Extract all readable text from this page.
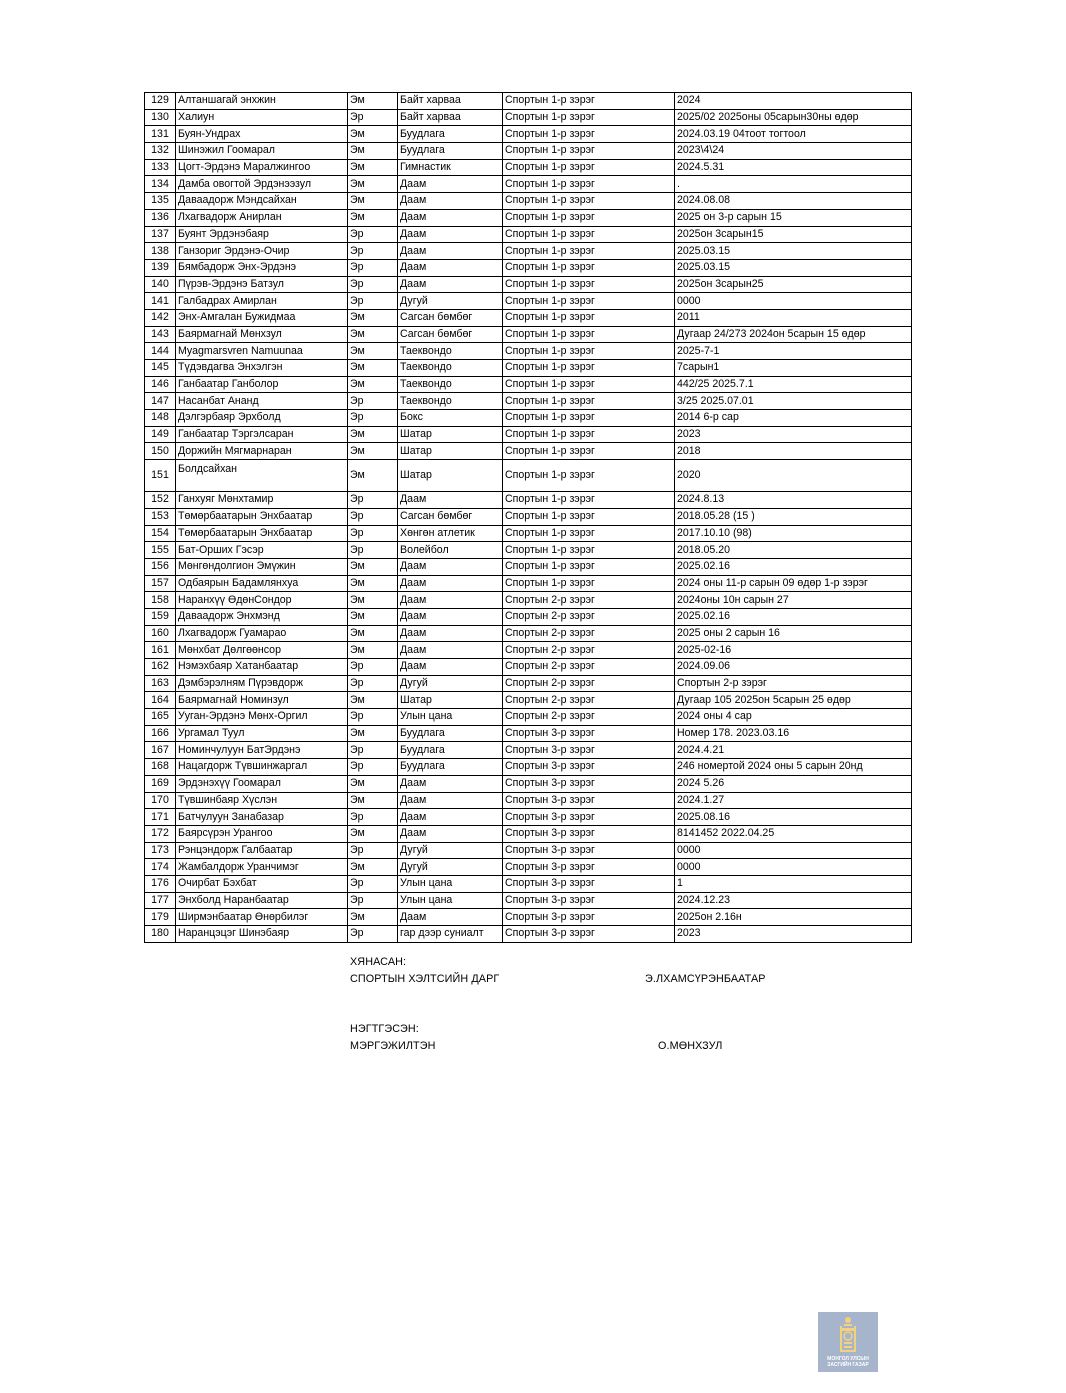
129	Алтаншагай энхжин	Эм	Байт харваа	Спортын 1-р зэрэг	2024
130	Халиун	Эр	Байт харваа	Спортын 1-р зэрэг	2025/02 2025оны 05сарын30ны өдөр
131	Буян-Ундрах	Эм	Буудлага	Спортын 1-р зэрэг	2024.03.19 04тоот тогтоол
132	Шинэжил Гоомарал	Эм	Буудлага	Спортын 1-р зэрэг	2023\4\24
133	Цогт-Эрдэнэ Маралжингоо	Эм	Гимнастик	Спортын 1-р зэрэг	2024.5.31
134	Дамба овогтой Эрдэнээзул	Эм	Даам	Спортын 1-р зэрэг	.
135	Даваадорж Мэндсайхан	Эм	Даам	Спортын 1-р зэрэг	2024.08.08
136	Лхагвадорж Анирлан	Эм	Даам	Спортын 1-р зэрэг	2025 он 3-р сарын 15
137	Буянт Эрдэнэбаяр	Эр	Даам	Спортын 1-р зэрэг	2025он 3сарын15
138	Ганзориг Эрдэнэ-Очир	Эр	Даам	Спортын 1-р зэрэг	2025.03.15
139	Бямбадорж Энх-Эрдэнэ	Эр	Даам	Спортын 1-р зэрэг	2025.03.15
140	Пүрэв-Эрдэнэ Батзул	Эр	Даам	Спортын 1-р зэрэг	2025он 3сарын25
141	Галбадрах Амирлан	Эр	Дугуй	Спортын 1-р зэрэг	0000
142	Энх-Амгалан Бужидмаа	Эм	Сагсан бөмбөг	Спортын 1-р зэрэг	2011
143	Баярмагнай Мөнхзул	Эм	Сагсан бөмбөг	Спортын 1-р зэрэг	Дугаар 24/273 2024он 5сарын 15 өдөр
144	Myagmarsvren Namuunaa	Эм	Таеквондо	Спортын 1-р зэрэг	2025-7-1
145	Түдэвдагва Энхэлгэн	Эм	Таеквондо	Спортын 1-р зэрэг	7сарын1
146	Ганбаатар Ганболор	Эм	Таеквондо	Спортын 1-р зэрэг	442/25 2025.7.1
147	Насанбат Ананд	Эр	Таеквондо	Спортын 1-р зэрэг	3/25 2025.07.01
148	Дэлгэрбаяр Эрхболд	Эр	Бокс	Спортын 1-р зэрэг	2014 6-р сар
149	Ганбаатар Тэргэлсаран	Эм	Шатар	Спортын 1-р зэрэг	2023
150	Доржийн Мягмарнаран	Эм	Шатар	Спортын 1-р зэрэг	2018
151	Болдсайхан	Эм	Шатар	Спортын 1-р зэрэг	2020
152	Ганхуяг Мөнхтамир	Эр	Даам	Спортын 1-р зэрэг	2024.8.13
153	Төмөрбаатарын Энхбаатар	Эр	Сагсан бөмбөг	Спортын 1-р зэрэг	2018.05.28 (15 )
154	Төмөрбаатарын Энхбаатар	Эр	Хөнгөн атлетик	Спортын 1-р зэрэг	2017.10.10 (98)
155	Бат-Орших Гэсэр	Эр	Волейбол	Спортын 1-р зэрэг	2018.05.20
156	Мөнгөндолгион Эмүжин	Эм	Даам	Спортын 1-р зэрэг	2025.02.16
157	Одбаярын Бадамлянхуа	Эм	Даам	Спортын 1-р зэрэг	2024 оны 11-р сарын 09 өдөр 1-р зэрэг
158	Наранхүү ӨдөнСондор	Эм	Даам	Спортын 2-р зэрэг	2024оны 10н сарын 27
159	Даваадорж Энхмэнд	Эм	Даам	Спортын 2-р зэрэг	2025.02.16
160	Лхагвадорж Гуамарао	Эм	Даам	Спортын 2-р зэрэг	2025 оны 2 сарын 16
161	Мөнхбат Дөлгөөнсор	Эм	Даам	Спортын 2-р зэрэг	2025-02-16
162	Нэмэхбаяр Хатанбаатар	Эр	Даам	Спортын 2-р зэрэг	2024.09.06
163	Дэмбэрэлням Пүрэвдорж	Эр	Дугуй	Спортын 2-р зэрэг	Спортын 2-р зэрэг
164	Баярмагнай Номинзул	Эм	Шатар	Спортын 2-р зэрэг	Дугаар 105 2025он 5сарын 25 өдөр
165	Ууган-Эрдэнэ Мөнх-Оргил	Эр	Улын цана	Спортын 2-р зэрэг	2024 оны 4 сар
166	Ургамал Туул	Эм	Буудлага	Спортын 3-р зэрэг	Номер 178. 2023.03.16
167	Номинчулуун БатЭрдэнэ	Эр	Буудлага	Спортын 3-р зэрэг	2024.4.21
168	Нацагдорж Түвшинжаргал	Эр	Буудлага	Спортын 3-р зэрэг	246 номертой 2024 оны 5 сарын 20нд
169	Эрдэнэхүү Гоомарал	Эм	Даам	Спортын 3-р зэрэг	2024 5.26
170	Түвшинбаяр Хүслэн	Эм	Даам	Спортын 3-р зэрэг	2024.1.27
171	Батчулуун Занабазар	Эр	Даам	Спортын 3-р зэрэг	2025.08.16
172	Баярсүрэн Урангоо	Эм	Даам	Спортын 3-р зэрэг	8141452 2022.04.25
173	Рэнцэндорж Галбаатар	Эр	Дугуй	Спортын 3-р зэрэг	0000
174	Жамбалдорж Уранчимэг	Эм	Дугуй	Спортын 3-р зэрэг	0000
176	Очирбат Бэхбат	Эр	Улын цана	Спортын 3-р зэрэг	1
177	Энхболд Наранбаатар	Эр	Улын цана	Спортын 3-р зэрэг	2024.12.23
179	Ширмэнбаатар Өнөрбилэг	Эм	Даам	Спортын 3-р зэрэг	2025он 2.16н
180	Наранцэцэг Шинэбаяр	Эр	гар дээр суниалт	Спортын 3-р зэрэг	2023
ХЯНАСАН:
СПОРТЫН ХЭЛТСИЙН ДАРГ	Э.ЛХАМСҮРЭНБААТАР
НЭГТГЭСЭН:
МЭРГЭЖИЛТЭН	О.МӨНХЗУЛ
МОНГОЛ УЛСЫН
ЗАСГИЙН ГАЗАР
